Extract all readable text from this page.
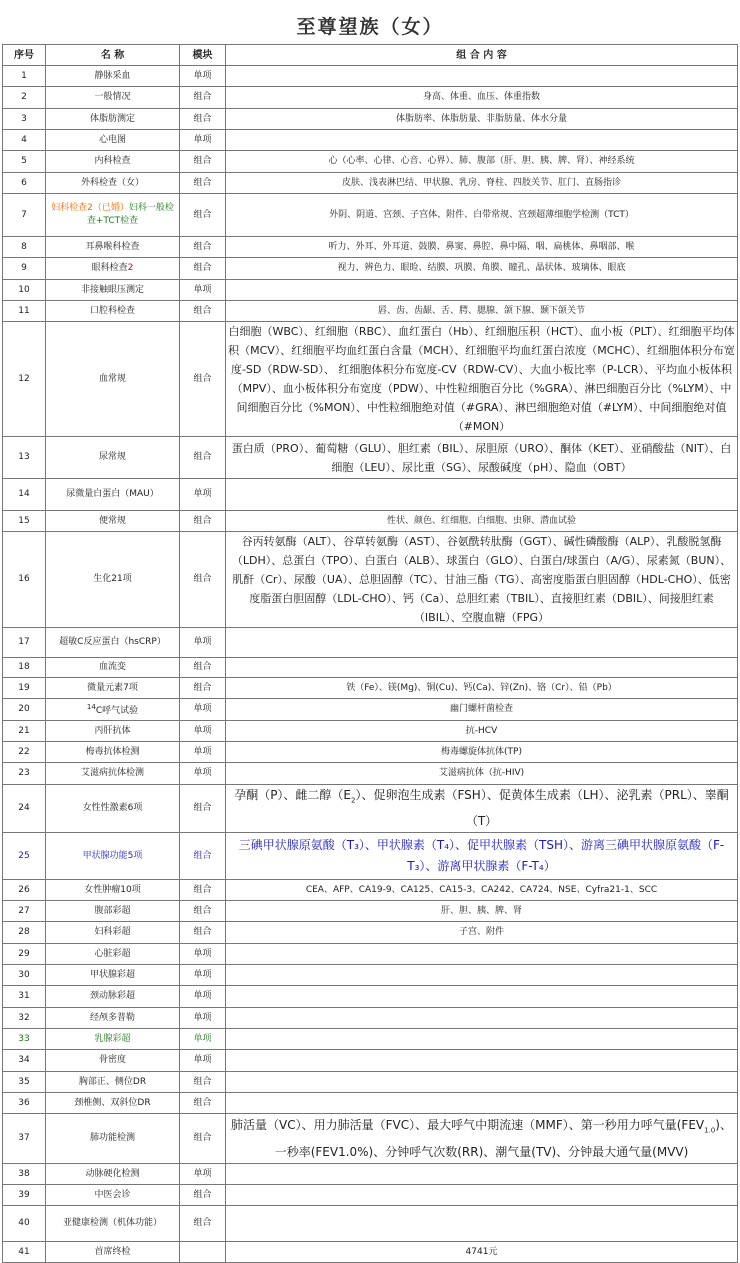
至尊望族（女）
序号	名 称	模块	组 合 内 容
1	静脉采血	单项	
2	一般情况	组合	身高、体重、血压、体重指数
3	体脂肪测定	组合	体脂肪率、体脂肪量、非脂肪量、体水分量
4	心电图	单项	
5	内科检查	组合	心（心率、心律、心音、心界）、肺、腹部（肝、胆、胰、脾、肾）、神经系统
6	外科检查（女）	组合	皮肤、浅表淋巴结、甲状腺、乳房、脊柱、四肢关节、肛门、直肠指诊
7	妇科检查2（已婚）妇科一般检查+TCT检查	组合	外阴、阴道、宫颈、子宫体、附件、白带常规、宫颈超薄细胞学检测（TCT）
8	耳鼻喉科检查	组合	听力、外耳、外耳道、鼓膜、鼻窦、鼻腔、鼻中隔、咽、扁桃体、鼻咽部、喉
9	眼科检查2	组合	视力、辨色力、眼睑、结膜、巩膜、角膜、瞳孔、晶状体、玻璃体、眼底
10	非接触眼压测定	单项	
11	口腔科检查	组合	唇、齿、齿龈、舌、腭、腮腺、颌下腺、颞下颌关节
12	血常规	组合	白细胞（WBC）、红细胞（RBC）、血红蛋白（Hb）、红细胞压积（HCT）、血小板（PLT）、红细胞平均体积（MCV）、红细胞平均血红蛋白含量（MCH）、红细胞平均血红蛋白浓度（MCHC）、红细胞体积分布宽度-SD（RDW-SD）、 红细胞体积分布宽度-CV（RDW-CV）、大血小板比率（P-LCR）、平均血小板体积（MPV）、血小板体积分布宽度（PDW）、中性粒细胞百分比（%GRA）、淋巴细胞百分比（%LYM）、中间细胞百分比（%MON）、中性粒细胞绝对值（#GRA）、淋巴细胞绝对值（#LYM）、中间细胞绝对值（#MON）
13	尿常规	组合	蛋白质（PRO）、葡萄糖（GLU）、胆红素（BIL）、尿胆原（URO）、酮体（KET）、亚硝酸盐（NIT）、白细胞（LEU）、尿比重（SG）、尿酸碱度（pH）、隐血（OBT）
14	尿微量白蛋白（MAU）	单项	
15	便常规	组合	性状、颜色、红细胞、白细胞、虫卵、潜血试验
16	生化21项	组合	谷丙转氨酶（ALT）、谷草转氨酶（AST）、谷氨酰转肽酶（GGT）、碱性磷酸酶（ALP）、乳酸脱氢酶（LDH）、总蛋白（TPO）、白蛋白（ALB）、球蛋白（GLO）、白蛋白/球蛋白（A/G）、尿素氮（BUN）、肌酐（Cr）、尿酸（UA）、总胆固醇（TC）、甘油三酯（TG）、高密度脂蛋白胆固醇（HDL-CHO）、低密度脂蛋白胆固醇（LDL-CHO）、钙（Ca）、总胆红素（TBIL）、直接胆红素（DBIL）、间接胆红素（IBIL）、空腹血糖（FPG）
17	超敏C反应蛋白（hsCRP）	单项	
18	血流变	组合	
19	微量元素7项	组合	铁（Fe）、镁(Mg)、铜(Cu)、钙(Ca)、锌(Zn)、铬（Cr）、铅（Pb）
20	$^{14}$C呼气试验	单项	幽门螺杆菌检查
21	丙肝抗体	单项	抗-HCV
22	梅毒抗体检测	单项	梅毒螺旋体抗体(TP)
23	艾滋病抗体检测	单项	艾滋病抗体（抗-HIV)
24	女性性激素6项	组合	孕酮（P）、雌二醇$(E_2)$、促卵泡生成素（FSH）、促黄体生成素（LH）、泌乳素（PRL）、睾酮（T）
25	甲状腺功能5项	组合	三碘甲状腺原氨酸（T₃）、甲状腺素（T₄）、促甲状腺素（TSH）、游离三碘甲状腺原氨酸（F-T₃）、游离甲状腺素（F-T₄）
26	女性肿瘤10项	组合	CEA、AFP、CA19-9、CA125、CA15-3、CA242、CA724、NSE、Cyfra21-1、SCC
27	腹部彩超	组合	肝、胆、胰、脾、肾
28	妇科彩超	组合	子宫、附件
29	心脏彩超	单项	
30	甲状腺彩超	单项	
31	颈动脉彩超	单项	
32	经颅多普勒	单项	
33	乳腺彩超	单项	
34	骨密度	单项	
35	胸部正、侧位DR	组合	
36	颈椎侧、双斜位DR	组合	
37	肺功能检测	组合	肺活量（VC）、用力肺活量（FVC）、最大呼气中期流速（MMF）、第一秒用力呼气量$(FEV_{1.0})$、一秒率(FEV1.0%)、分钟呼气次数(RR)、潮气量(TV)、分钟最大通气量(MVV)
38	动脉硬化检测	单项	
39	中医会诊	组合	
40	亚健康检测（机体功能）	组合	
41	首席终检		4741元
